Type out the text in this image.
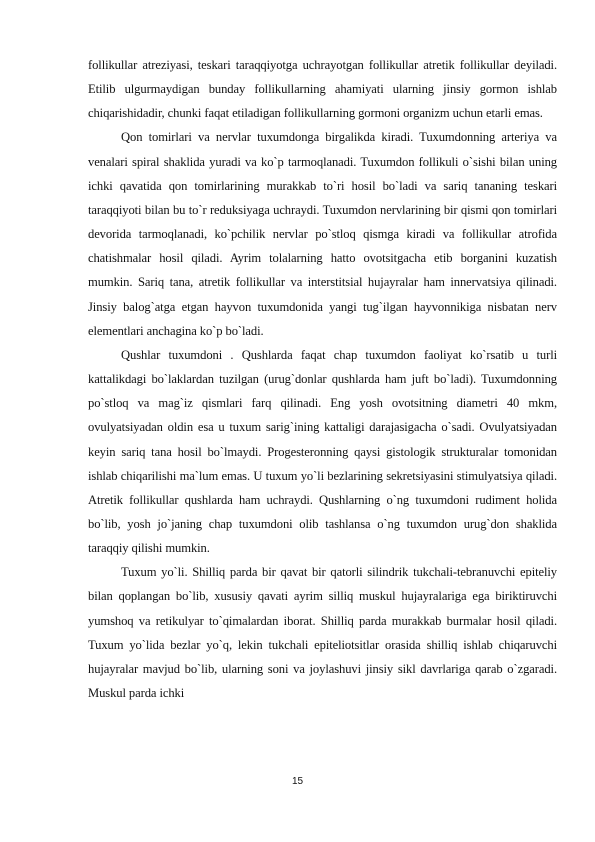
follikullar atreziyasi, teskari taraqqiyotga uchrayotgan follikullar atretik follikullar deyiladi. Etilib ulgurmaydigan bunday follikullarning ahamiyati ularning jinsiy gormon ishlab chiqarishidadir, chunki faqat etiladigan follikullarning gormoni organizm uchun etarli emas.

Qon tomirlari va nervlar tuxumdonga birgalikda kiradi. Tuxumdonning arteriya va venalari spiral shaklida yuradi va ko`p tarmoqlanadi. Tuxumdon follikuli o`sishi bilan uning ichki qavatida qon tomirlarining murakkab to`ri hosil bo`ladi va sariq tananing teskari taraqqiyoti bilan bu to`r reduksiyaga uchraydi. Tuxumdon nervlarining bir qismi qon tomirlari devorida tarmoqlanadi, ko`pchilik nervlar po`stloq qismga kiradi va follikullar atrofida chatishmalar hosil qiladi. Ayrim tolalarning hatto ovotsitgacha etib borganini kuzatish mumkin. Sariq tana, atretik follikullar va interstitsial hujayralar ham innervatsiya qilinadi. Jinsiy balog`atga etgan hayvon tuxumdonida yangi tug`ilgan hayvonnikiga nisbatan nerv elementlari anchagina ko`p bo`ladi.

Qushlar tuxumdoni . Qushlarda faqat chap tuxumdon faoliyat ko`rsatib u turli kattalikdagi bo`laklardan tuzilgan (urug`donlar qushlarda ham juft bo`ladi). Tuxumdonning po`stloq va mag`iz qismlari farq qilinadi. Eng yosh ovotsitning diametri 40 mkm, ovulyatsiyadan oldin esa u tuxum sarig`ining kattaligi darajasigacha o`sadi. Ovulyatsiyadan keyin sariq tana hosil bo`lmaydi. Progesteronning qaysi gistologik strukturalar tomonidan ishlab chiqarilishi ma`lum emas. U tuxum yo`li bezlarining sekretsiyasini stimulyatsiya qiladi. Atretik follikullar qushlarda ham uchraydi. Qushlarning o`ng tuxumdoni rudiment holida bo`lib, yosh jo`janing chap tuxumdoni olib tashlansa o`ng tuxumdon urug`don shaklida taraqqiy qilishi mumkin.

Tuxum yo`li. Shilliq parda bir qavat bir qatorli silindrik tukchali-tebranuvchi epiteliy bilan qoplangan bo`lib, xususiy qavati ayrim silliq muskul hujayralariga ega biriktiruvchi yumshoq va retikulyar to`qimalardan iborat. Shilliq parda murakkab burmalar hosil qiladi. Tuxum yo`lida bezlar yo`q, lekin tukchali epiteliotsitlar orasida shilliq ishlab chiqaruvchi hujayralar mavjud bo`lib, ularning soni va joylashuvi jinsiy sikl davrlariga qarab o`zgaradi. Muskul parda ichki

15
